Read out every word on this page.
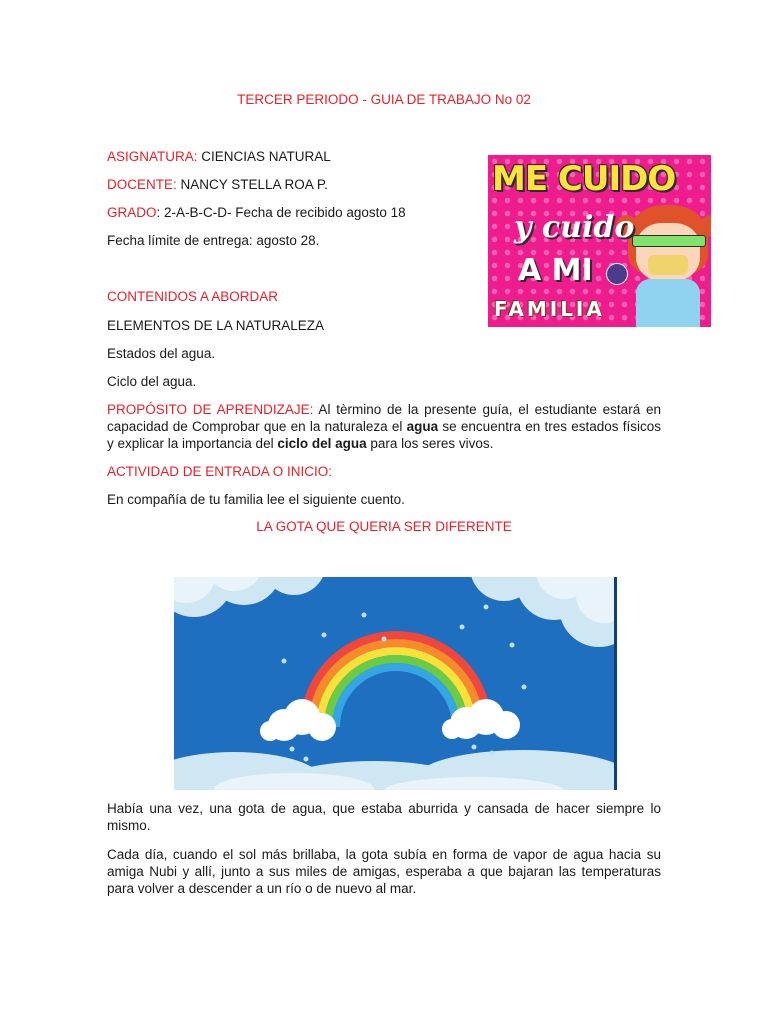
TERCER PERIODO - GUIA DE TRABAJO No 02
ASIGNATURA: CIENCIAS NATURAL
DOCENTE: NANCY STELLA ROA P.
GRADO: 2-A-B-C-D- Fecha de recibido agosto 18
Fecha límite de entrega: agosto 28.
ME CUIDO
y cuido
A MI
FAMILIA
CONTENIDOS A ABORDAR
ELEMENTOS DE LA NATURALEZA
Estados del agua.
Ciclo del agua.
PROPÓSITO DE APRENDIZAJE: Al tèrmino de la presente guía, el estudiante estará en capacidad de Comprobar que en la naturaleza el agua se encuentra en tres estados físicos y explicar la importancia del ciclo del agua para los seres vivos.
ACTIVIDAD DE ENTRADA O INICIO:
En compañía de tu familia lee el siguiente cuento.
LA GOTA QUE QUERIA SER DIFERENTE
Había una vez, una gota de agua, que estaba aburrida y cansada de hacer siempre lo mismo.
Cada día, cuando el sol más brillaba, la gota subía en forma de vapor de agua hacia su amiga Nubi y allí, junto a sus miles de amigas, esperaba a que bajaran las temperaturas para volver a descender a un río o de nuevo al mar.
